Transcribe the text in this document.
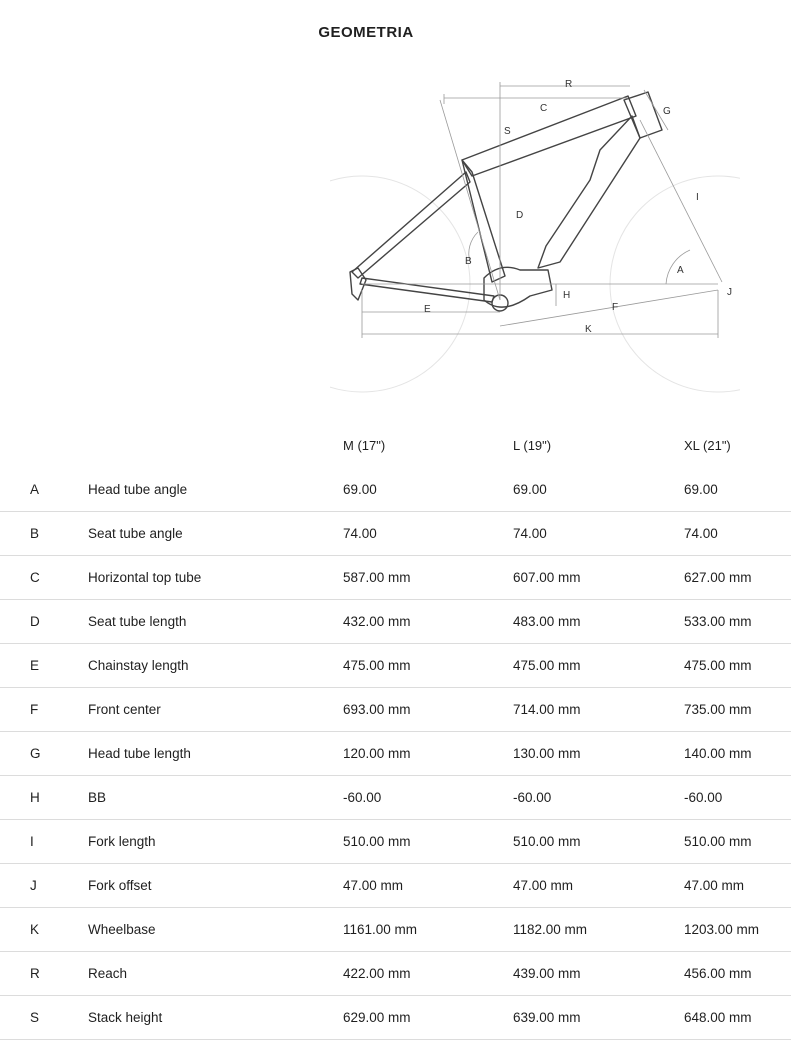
GEOMETRIA
R
C	G
S
I
D
B
A
J
H
F
E
K
M (17")	L (19")	XL (21")
A	Head tube angle	69.00	69.00	69.00
B	Seat tube angle	74.00	74.00	74.00
C	Horizontal top tube	587.00 mm	607.00 mm	627.00 mm
D	Seat tube length	432.00 mm	483.00 mm	533.00 mm
E	Chainstay length	475.00 mm	475.00 mm	475.00 mm
F	Front center	693.00 mm	714.00 mm	735.00 mm
G	Head tube length	120.00 mm	130.00 mm	140.00 mm
H	BB	-60.00	-60.00	-60.00
I	Fork length	510.00 mm	510.00 mm	510.00 mm
J	Fork offset	47.00 mm	47.00 mm	47.00 mm
K	Wheelbase	1161.00 mm	1182.00 mm	1203.00 mm
R	Reach	422.00 mm	439.00 mm	456.00 mm
S	Stack height	629.00 mm	639.00 mm	648.00 mm
